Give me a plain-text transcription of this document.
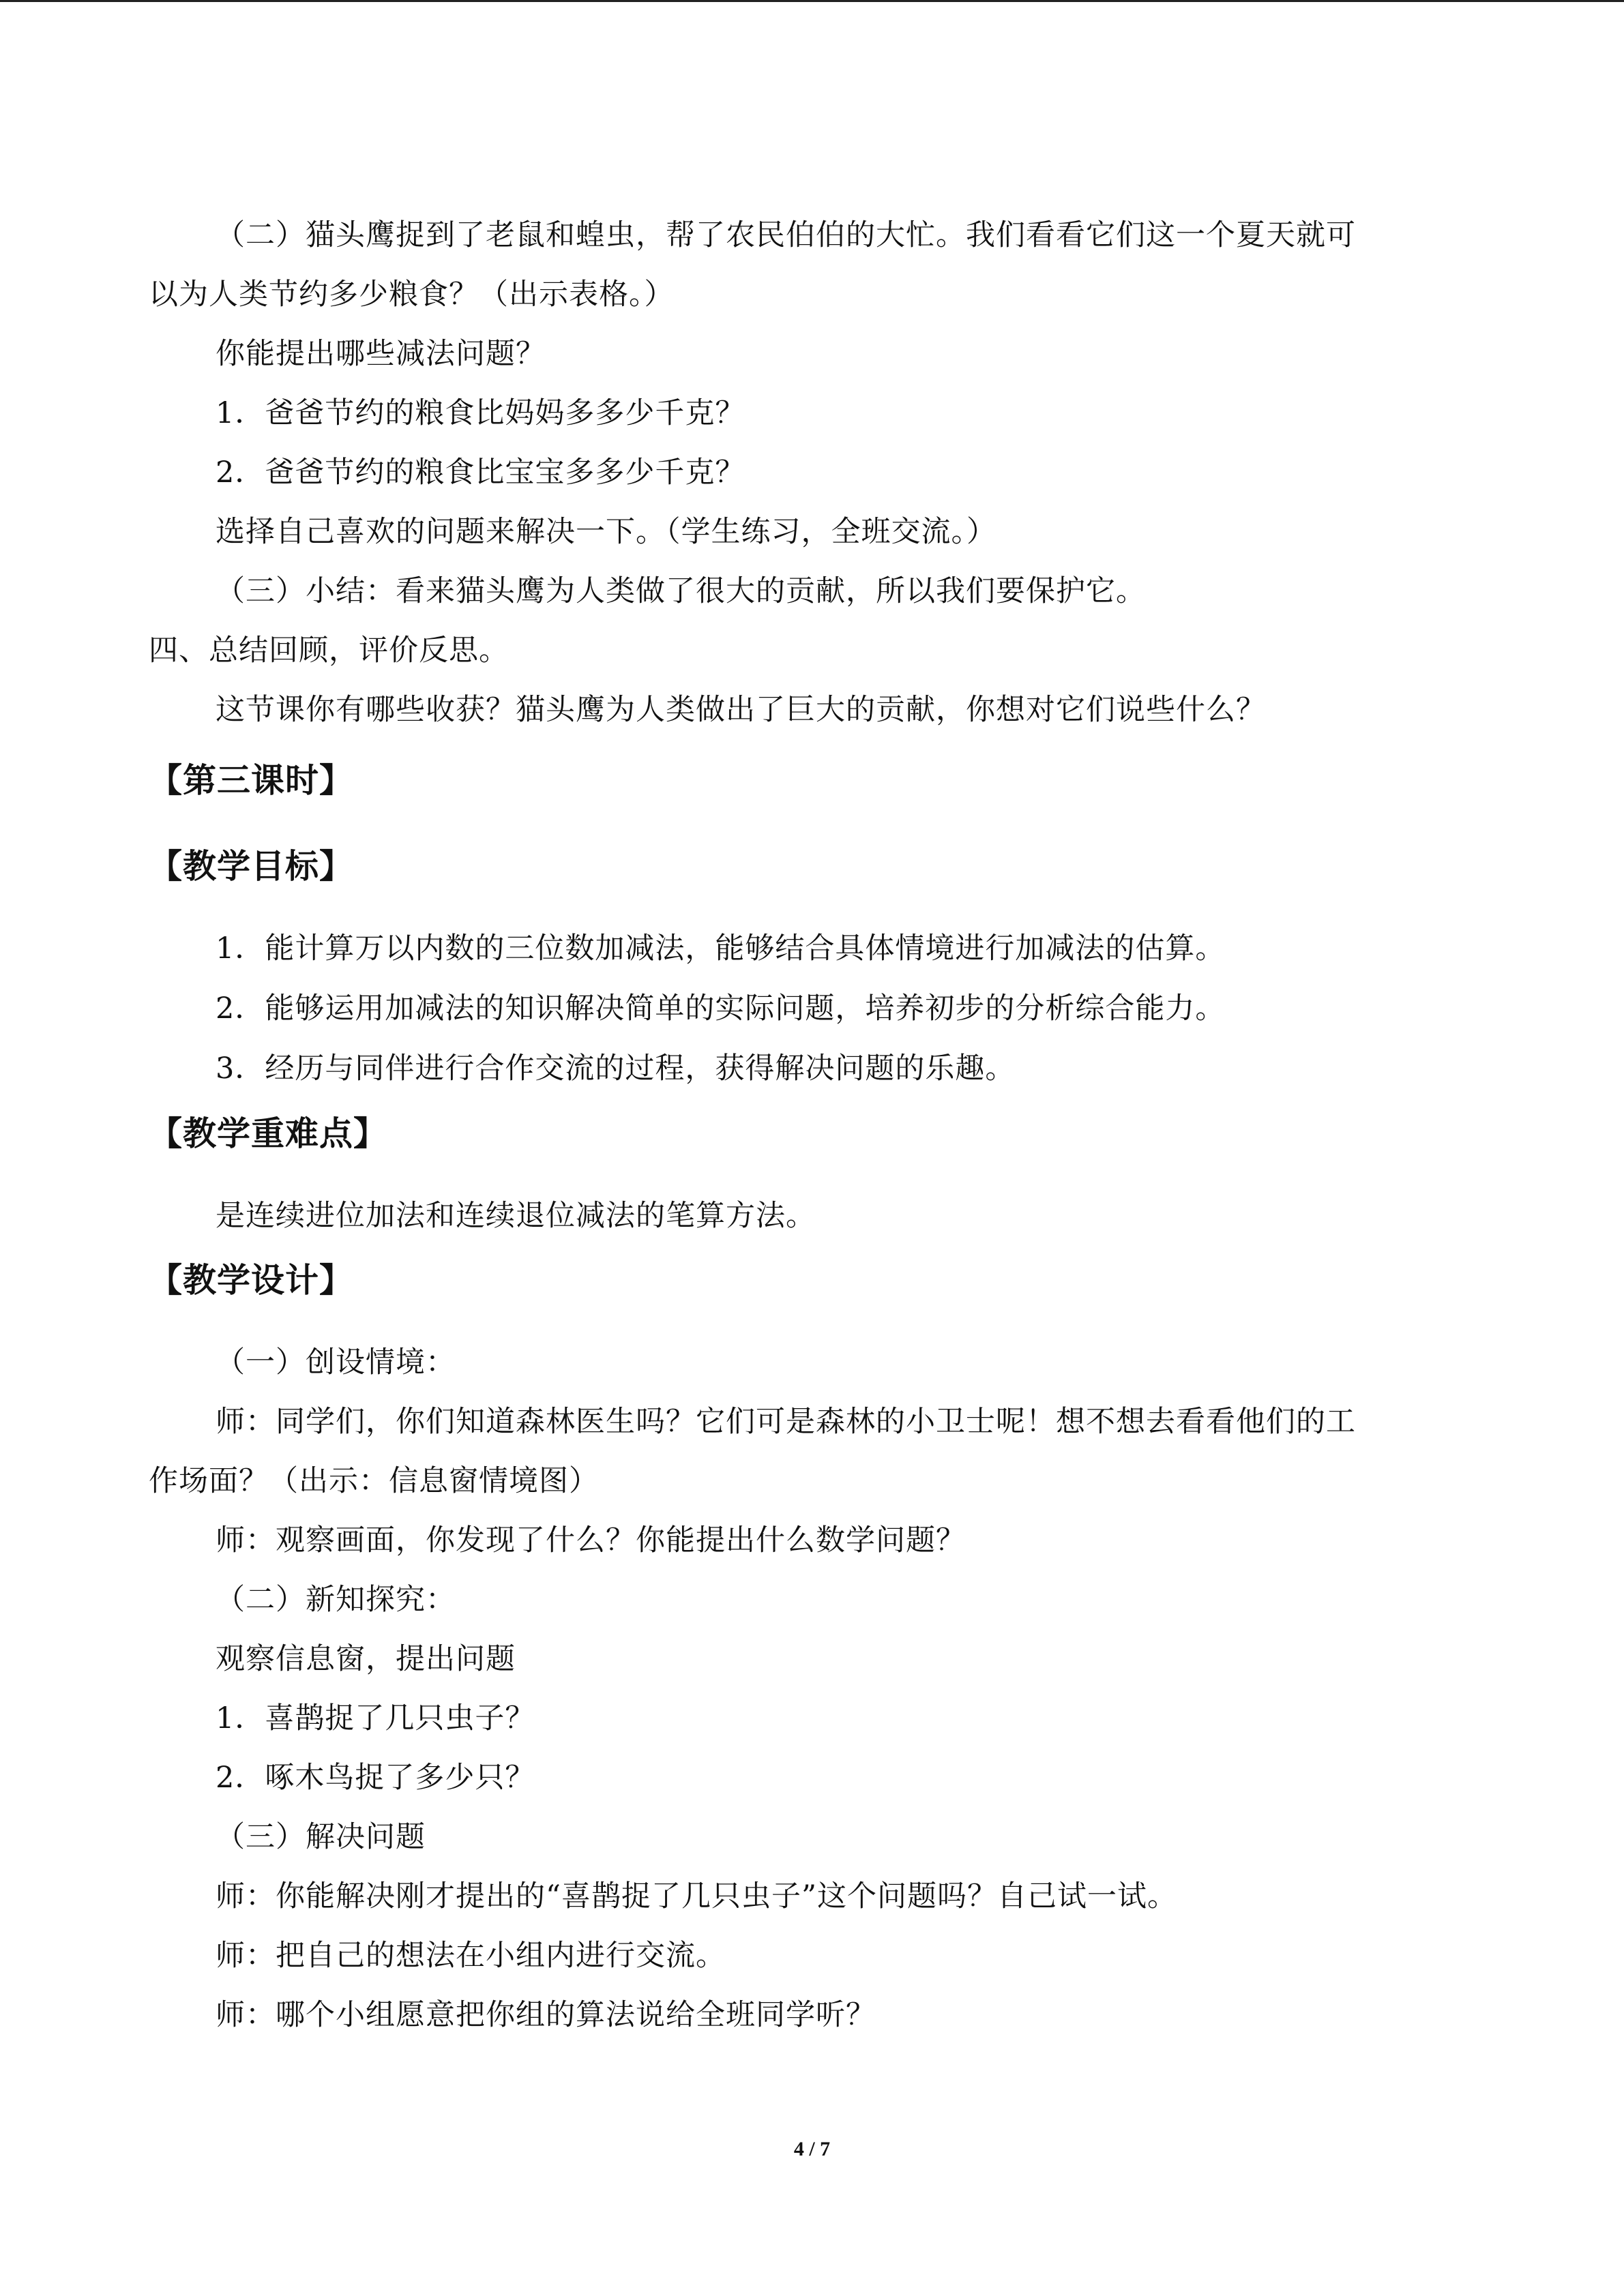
（二）猫头鹰捉到了老鼠和蝗虫，帮了农民伯伯的大忙。我们看看它们这一个夏天就可
以为人类节约多少粮食？（出示表格。）
你能提出哪些减法问题？
1．爸爸节约的粮食比妈妈多多少千克？
2．爸爸节约的粮食比宝宝多多少千克？
选择自己喜欢的问题来解决一下。（学生练习，全班交流。）
（三）小结：看来猫头鹰为人类做了很大的贡献，所以我们要保护它。
四、总结回顾，评价反思。
这节课你有哪些收获？猫头鹰为人类做出了巨大的贡献，你想对它们说些什么？
【第三课时】
【教学目标】
1．能计算万以内数的三位数加减法，能够结合具体情境进行加减法的估算。
2．能够运用加减法的知识解决简单的实际问题，培养初步的分析综合能力。
3．经历与同伴进行合作交流的过程，获得解决问题的乐趣。
【教学重难点】
是连续进位加法和连续退位减法的笔算方法。
【教学设计】
（一）创设情境：
师：同学们，你们知道森林医生吗？它们可是森林的小卫士呢！想不想去看看他们的工
作场面？（出示：信息窗情境图）
师：观察画面，你发现了什么？你能提出什么数学问题？
（二）新知探究：
观察信息窗，提出问题
1．喜鹊捉了几只虫子？
2．啄木鸟捉了多少只？
（三）解决问题
师：你能解决刚才提出的“喜鹊捉了几只虫子”这个问题吗？自己试一试。
师：把自己的想法在小组内进行交流。
师：哪个小组愿意把你组的算法说给全班同学听？
4 / 7
